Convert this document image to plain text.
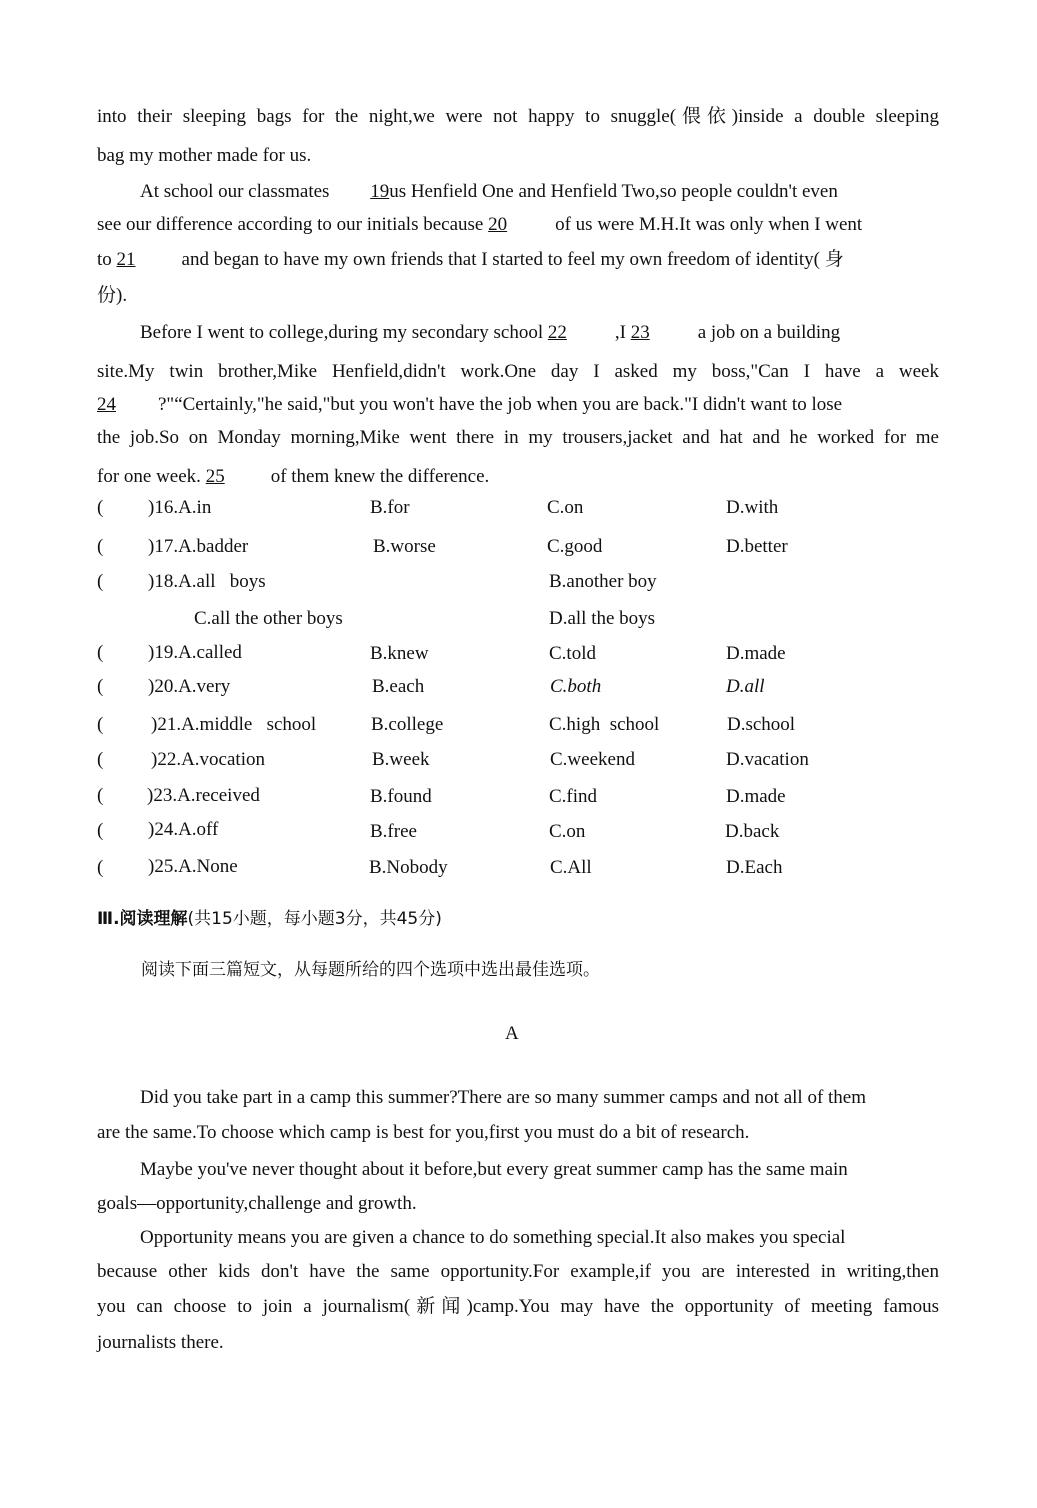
into their sleeping bags for the night,we were not happy to snuggle(偎依)inside a double sleeping
bag my mother made for us.
At school our classmates 19us Henfield One and Henfield Two,so people couldn't even
see our difference according to our initials because 20	of us were M.H.It was only when I went
to 21 and began to have my own friends that I started to feel my own freedom of identity( 身
份).
Before I went to college,during my secondary school 22	,I 23	a job on a building
site.My twin brother,Mike Henfield,didn't work.One day I asked my boss,"Can I have a week
24 ?"“Certainly,"he said,"but you won't have the job when you are back."I didn't want to lose
the job.So on Monday morning,Mike went there in my trousers,jacket and hat and he worked for me
for one week. 25 of them knew the difference.
( )16.A.in	B.for	C.on	D.with
( )17.A.badder	B.worse	C.good	D.better
( )18.A.all   boys	B.another boy
C.all the other boys	D.all the boys
( )19.A.called	B.knew	C.told	D.made
( )20.A.very	B.each	C.both	D.all
(	)21.A.middle   school	B.college	C.high  school	D.school
(	)22.A.vocation	B.week	C.weekend	D.vacation
( )23.A.received	B.found	C.find	D.made
( )24.A.off	B.free	C.on	D.back
( )25.A.None	B.Nobody	C.All	D.Each
Ⅲ.阅读理解(共15小题，每小题3分，共45分)
阅读下面三篇短文，从每题所给的四个选项中选出最佳选项。
A
Did you take part in a camp this summer?There are so many summer camps and not all of them
are the same.To choose which camp is best for you,first you must do a bit of research.
Maybe you've never thought about it before,but every great summer camp has the same main
goals—opportunity,challenge and growth.
Opportunity means you are given a chance to do something special.It also makes you special
because other kids don't have the same opportunity.For example,if you are interested in writing,then
you can choose to join a journalism(新闻)camp.You may have the opportunity of meeting famous
journalists there.
